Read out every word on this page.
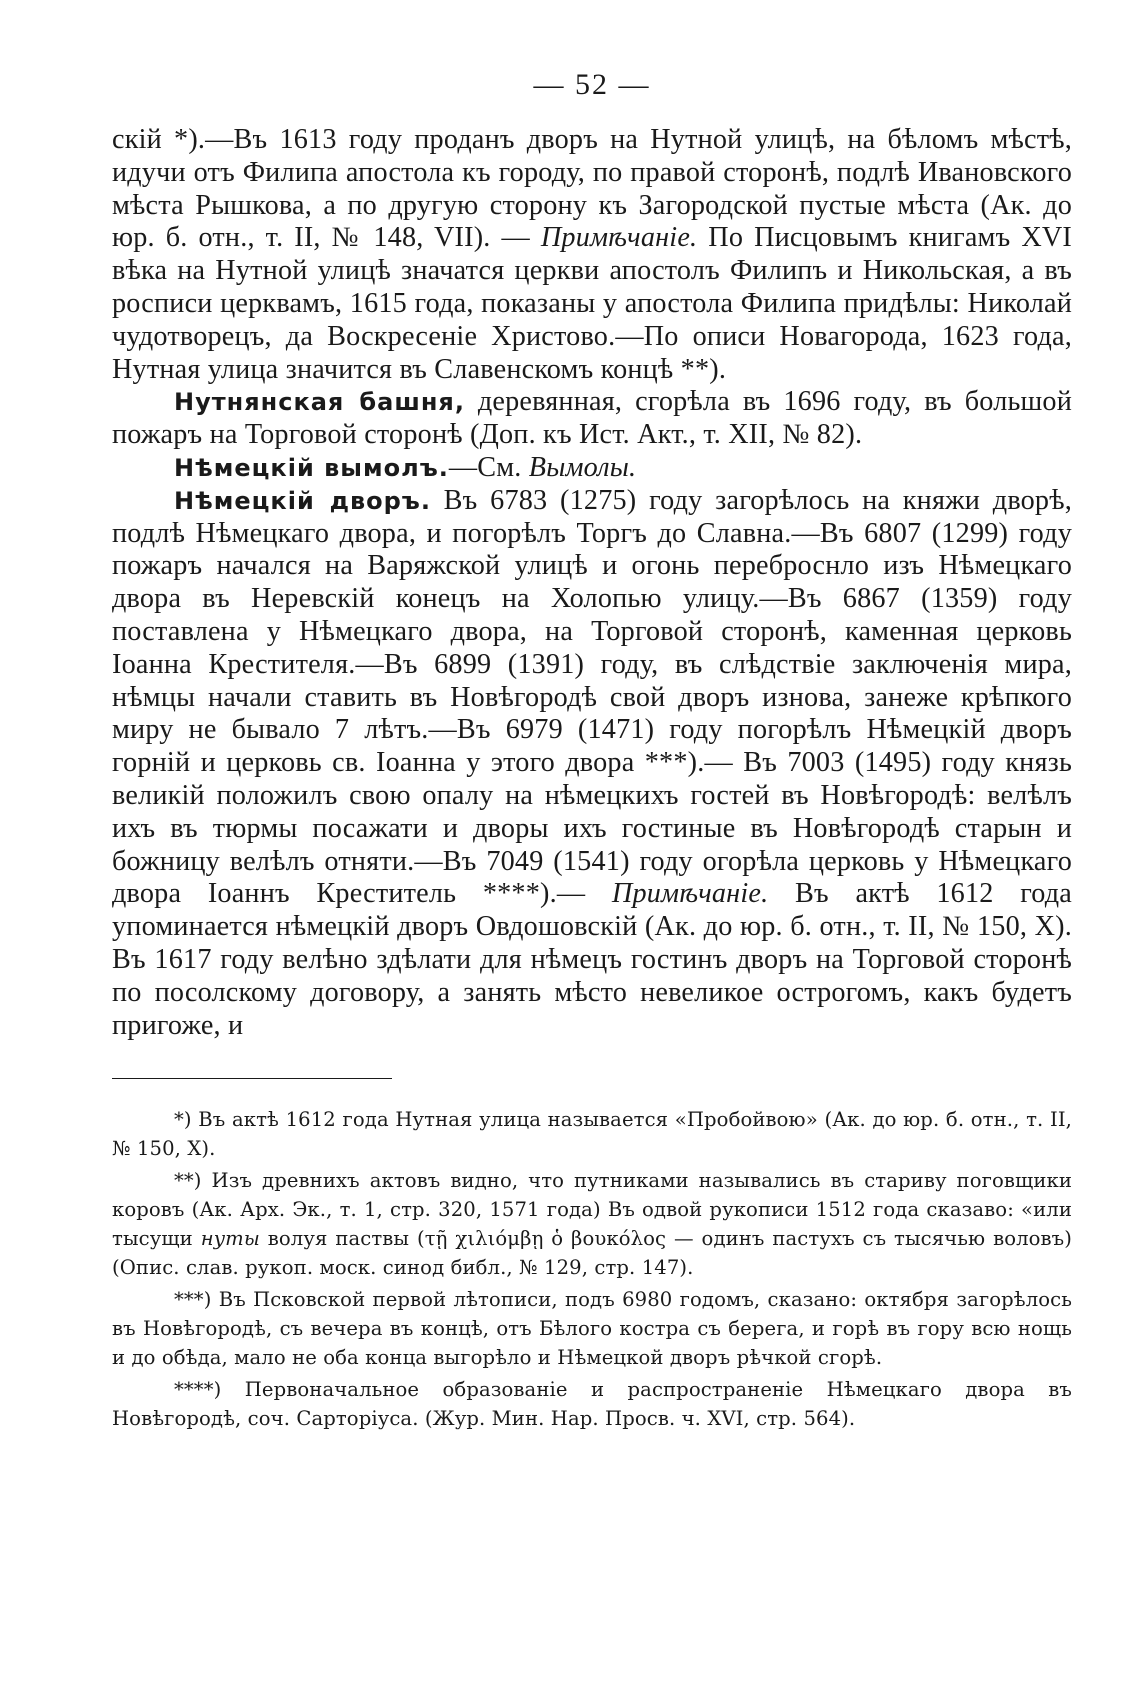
— 52 —

скій *).—Въ 1613 году проданъ дворъ на Нутной улицѣ, на бѣломъ мѣстѣ, идучи отъ Филипа апостола къ городу, по правой сторонѣ, подлѣ Ивановского мѣста Рышкова, а по другую сторону къ Загородской пустые мѣста (Ак. до юр. б. отн., т. II, № 148, VII). — Примѣчаніе. По Писцовымъ книгамъ XVI вѣка на Нутной улицѣ значатся церкви апостолъ Филипъ и Никольская, а въ росписи церквамъ, 1615 года, показаны у апостола Филипа придѣлы: Николай чудотворецъ, да Воскресеніе Христово.—По описи Новагорода, 1623 года, Нутная улица значится въ Славенскомъ концѣ **).

Нутнянская башня, деревянная, сгорѣла въ 1696 году, въ большой пожаръ на Торговой сторонѣ (Доп. къ Ист. Акт., т. XII, № 82).

Нѣмецкій вымолъ.—См. Вымолы.

Нѣмецкій дворъ. Въ 6783 (1275) году загорѣлось на княжи дворѣ, подлѣ Нѣмецкаго двора, и погорѣлъ Торгъ до Славна.—Въ 6807 (1299) году пожаръ начался на Варяжской улицѣ и огонь переброснло изъ Нѣмецкаго двора въ Неревскій конецъ на Холопью улицу.—Въ 6867 (1359) году поставлена у Нѣмецкаго двора, на Торговой сторонѣ, каменная церковь Іоанна Крестителя.—Въ 6899 (1391) году, въ слѣдствіе заключенія мира, нѣмцы начали ставить въ Новѣгородѣ свой дворъ изнова, занеже крѣпкого миру не бывало 7 лѣтъ.—Въ 6979 (1471) году погорѣлъ Нѣмецкій дворъ горній и церковь св. Іоанна у этого двора ***).— Въ 7003 (1495) году князь великій положилъ свою опалу на нѣмецкихъ гостей въ Новѣгородѣ: велѣлъ ихъ въ тюрмы посажати и дворы ихъ гостиные въ Новѣгородѣ старын и божницу велѣлъ отняти.—Въ 7049 (1541) году огорѣла церковь у Нѣмецкаго двора Іоаннъ Креститель ****).— Примѣчаніе. Въ актѣ 1612 года упоминается нѣмецкій дворъ Овдошовскій (Ак. до юр. б. отн., т. II, № 150, X). Въ 1617 году велѣно здѣлати для нѣмецъ гостинъ дворъ на Торговой сторонѣ по посолскому договору, а занять мѣсто невеликое острогомъ, какъ будетъ пригоже, и

*) Въ актѣ 1612 года Нутная улица называется «Пробойвою» (Ак. до юр. б. отн., т. II, № 150, X).

**) Изъ древнихъ актовъ видно, что путниками назывались въ стариву поговщики коровъ (Ак. Арх. Эк., т. 1, стр. 320, 1571 года) Въ одвой рукописи 1512 года сказаво: «или тысущи нуты волуя паствы (τῇ χιλιόμβῃ ὁ βουκόλος — одинъ пастухъ съ тысячью воловъ) (Опис. слав. рукоп. моск. синод библ., № 129, стр. 147).

***) Въ Псковской первой лѣтописи, подъ 6980 годомъ, сказано: октября загорѣлось въ Новѣгородѣ, съ вечера въ концѣ, отъ Бѣлого костра съ берега, и горѣ въ гору всю нощь и до обѣда, мало не оба конца выгорѣло и Нѣмецкой дворъ рѣчкой сгорѣ.

****) Первоначальное образованіе и распространеніе Нѣмецкаго двора въ Новѣгородѣ, соч. Сарторіуса. (Жур. Мин. Нар. Просв. ч. XVI, стр. 564).
